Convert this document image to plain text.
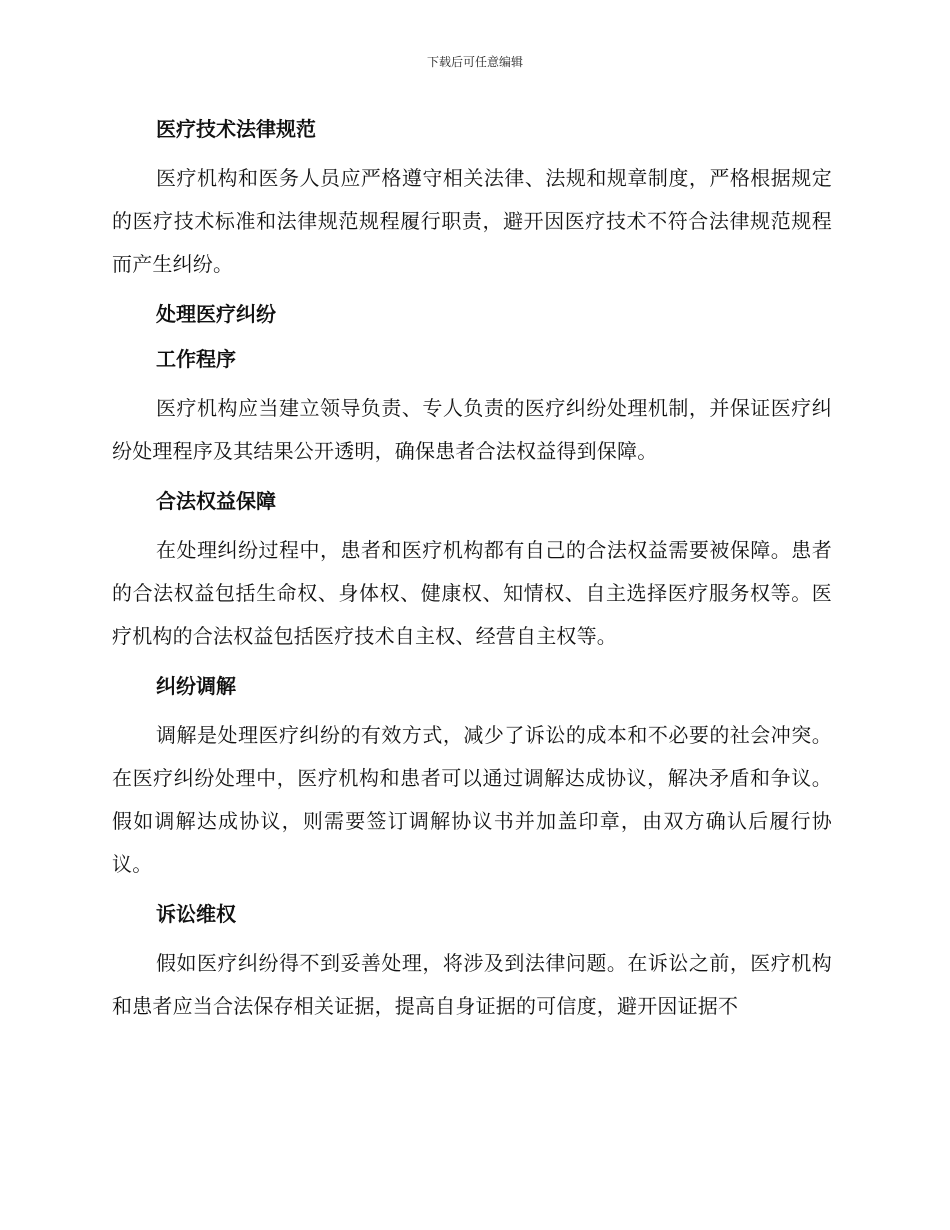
下载后可任意编辑
医疗技术法律规范

医疗机构和医务人员应严格遵守相关法律、法规和规章制度，严格根据规定的医疗技术标准和法律规范规程履行职责，避开因医疗技术不符合法律规范规程而产生纠纷。

处理医疗纠纷
工作程序

医疗机构应当建立领导负责、专人负责的医疗纠纷处理机制，并保证医疗纠纷处理程序及其结果公开透明，确保患者合法权益得到保障。

合法权益保障

在处理纠纷过程中，患者和医疗机构都有自己的合法权益需要被保障。患者的合法权益包括生命权、身体权、健康权、知情权、自主选择医疗服务权等。医疗机构的合法权益包括医疗技术自主权、经营自主权等。

纠纷调解

调解是处理医疗纠纷的有效方式，减少了诉讼的成本和不必要的社会冲突。在医疗纠纷处理中，医疗机构和患者可以通过调解达成协议，解决矛盾和争议。假如调解达成协议，则需要签订调解协议书并加盖印章，由双方确认后履行协议。

诉讼维权

假如医疗纠纷得不到妥善处理，将涉及到法律问题。在诉讼之前，医疗机构和患者应当合法保存相关证据，提高自身证据的可信度，避开因证据不
